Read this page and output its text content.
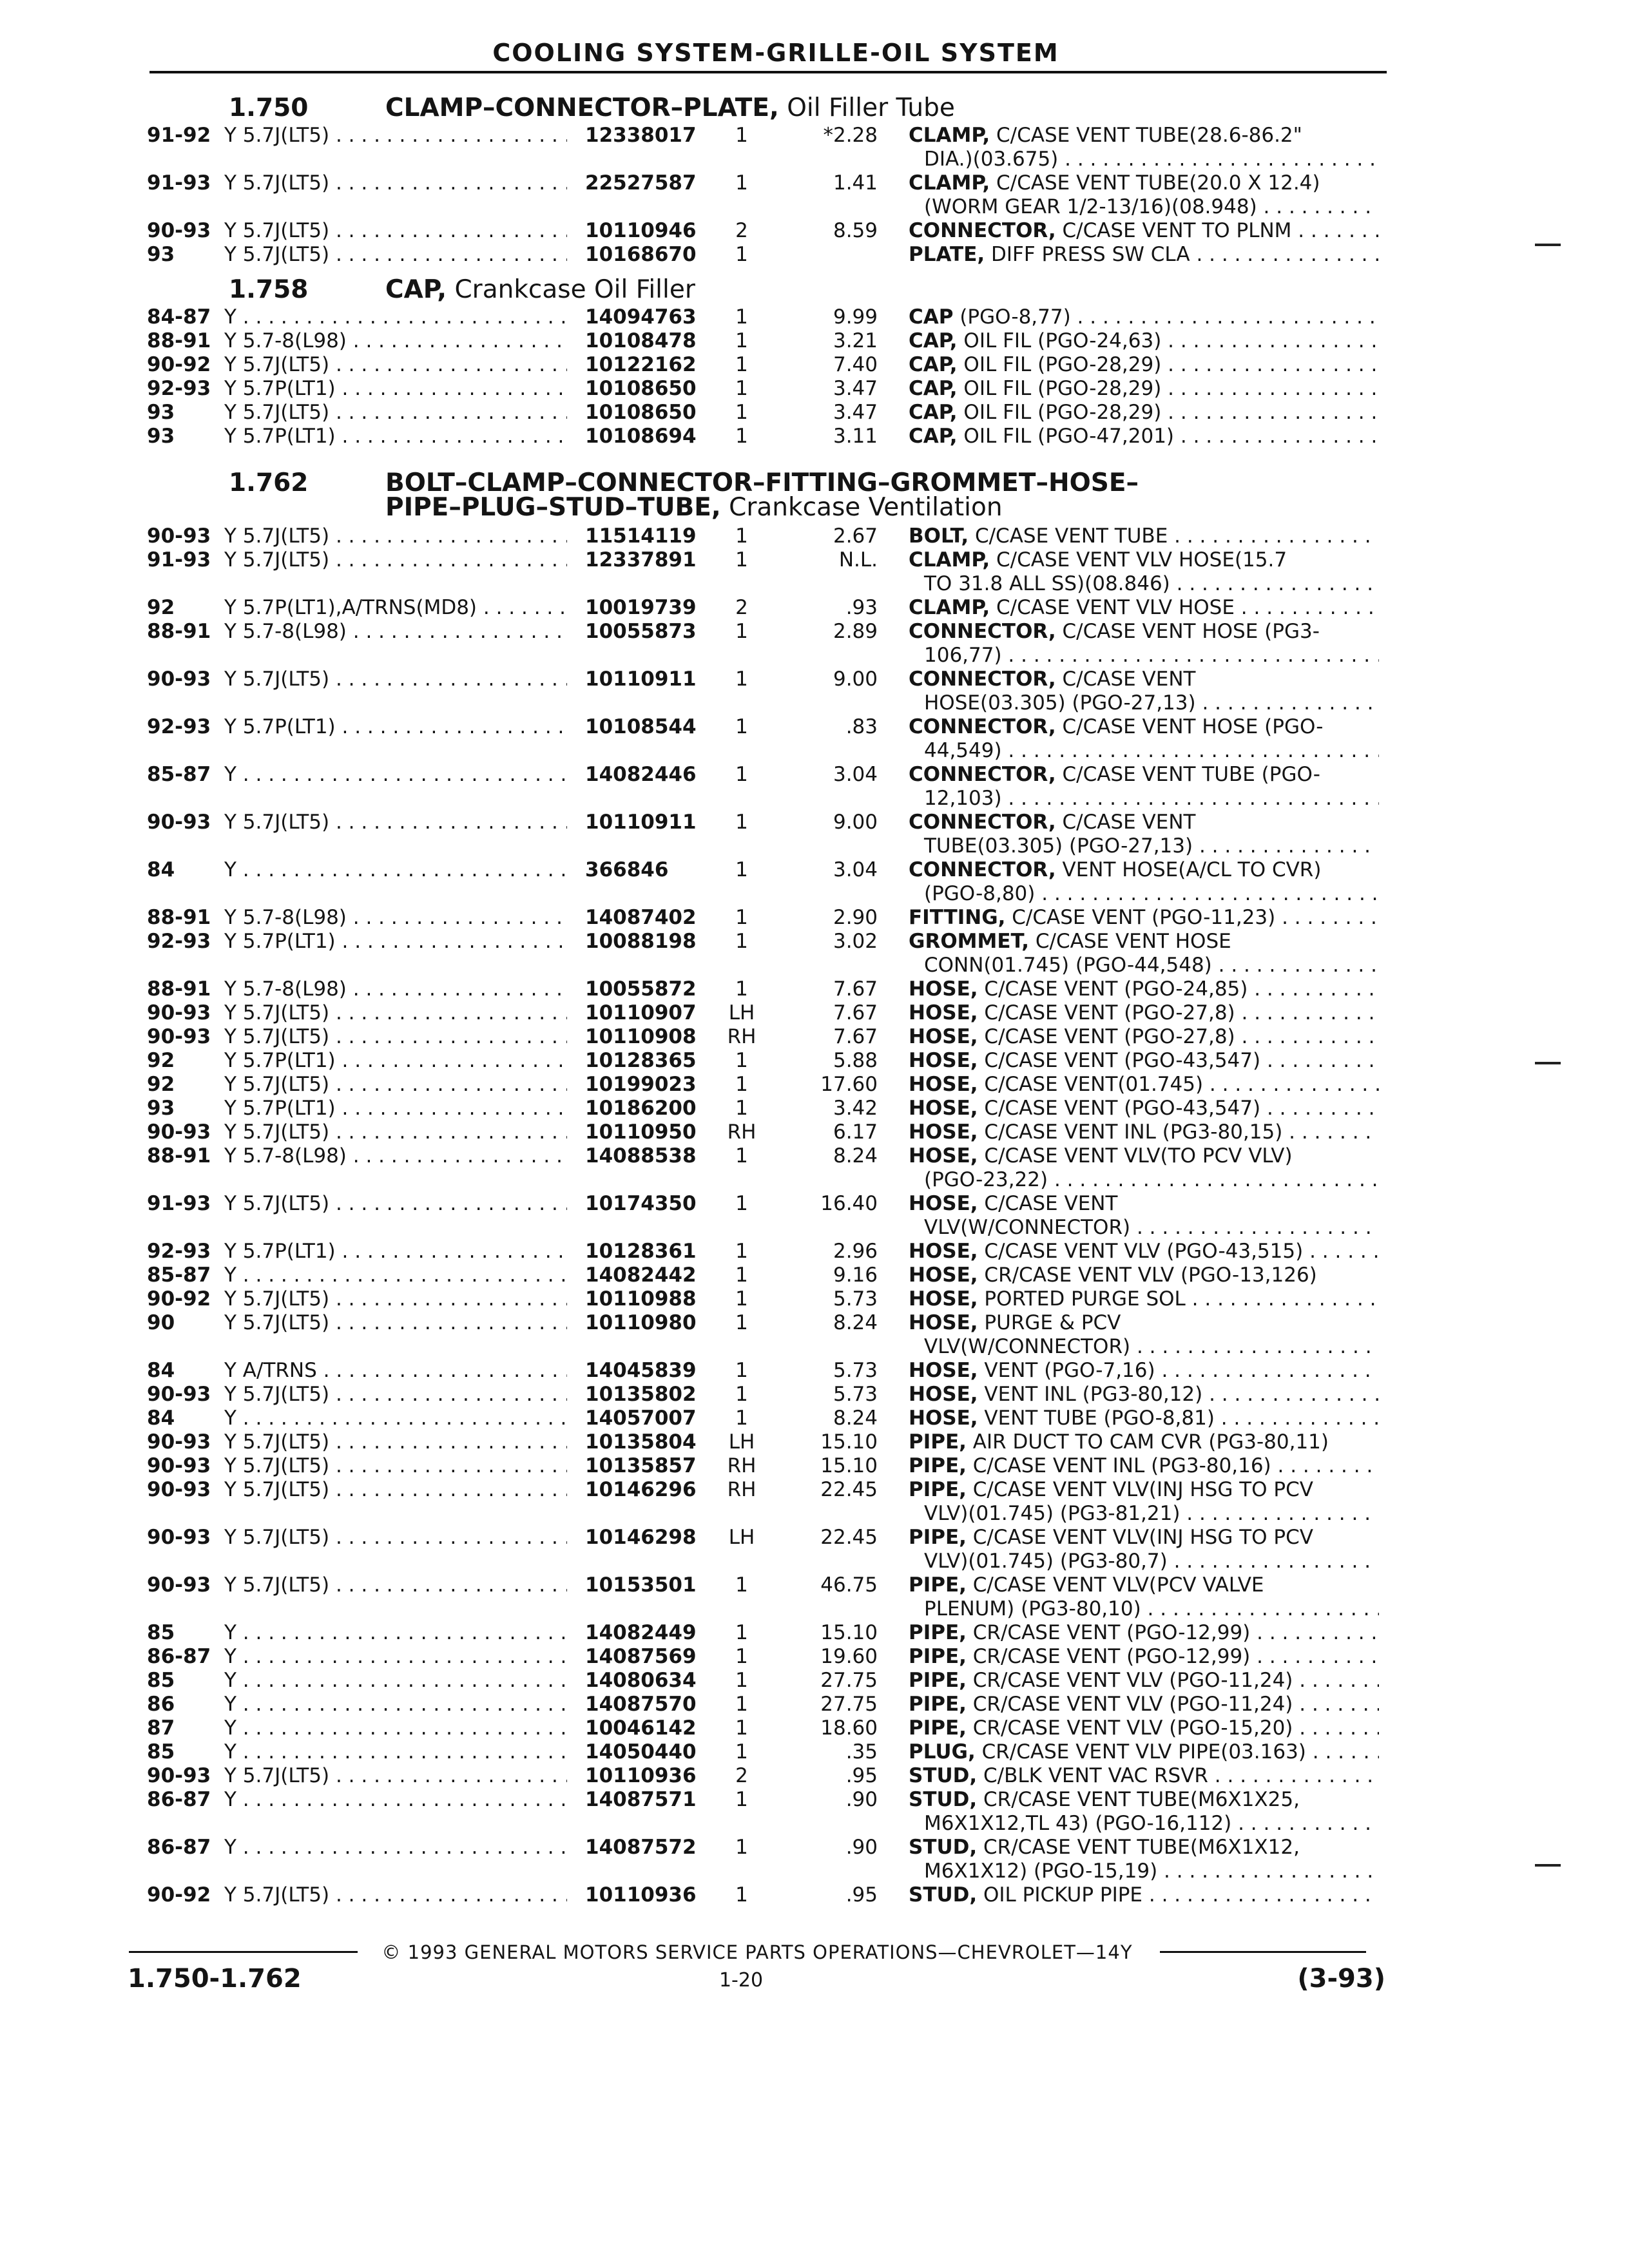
COOLING SYSTEM-GRILLE-OIL SYSTEM
1.750	CLAMP–CONNECTOR–PLATE, Oil Filler Tube
91-92 Y 5.7J(LT5) . . .	12338017	1	*2.28 CLAMP, C/CASE VENT TUBE(28.6-86.2"
DIA.)(03.675) . . .
91-93 Y 5.7J(LT5) . . .	22527587	1	1.41 CLAMP, C/CASE VENT TUBE(20.0 X 12.4)
(WORM GEAR 1/2-13/16)(08.948) . . .
90-93 Y 5.7J(LT5) . . .	10110946	2	8.59 CONNECTOR, C/CASE VENT TO PLNM . . .
93 Y 5.7J(LT5) . . .	10168670	1	PLATE, DIFF PRESS SW CLA . . .
1.758	CAP, Crankcase Oil Filler
84-87 Y . . .	14094763	1	9.99 CAP (PGO-8,77) . . .
88-91 Y 5.7-8(L98) . . .	10108478	1	3.21 CAP, OIL FIL (PGO-24,63) . . .
90-92 Y 5.7J(LT5) . . .	10122162	1	7.40 CAP, OIL FIL (PGO-28,29) . . .
92-93 Y 5.7P(LT1) . . .	10108650	1	3.47 CAP, OIL FIL (PGO-28,29) . . .
93 Y 5.7J(LT5) . . .	10108650	1	3.47 CAP, OIL FIL (PGO-28,29) . . .
93 Y 5.7P(LT1) . . .	10108694	1	3.11 CAP, OIL FIL (PGO-47,201) . . .
1.762	BOLT–CLAMP–CONNECTOR–FITTING–GROMMET–HOSE–
PIPE–PLUG–STUD–TUBE, Crankcase Ventilation
90-93 Y 5.7J(LT5) . . .	11514119	1	2.67 BOLT, C/CASE VENT TUBE . . .
91-93 Y 5.7J(LT5) . . .	12337891	1	N.L. CLAMP, C/CASE VENT VLV HOSE(15.7
TO 31.8 ALL SS)(08.846) . . .
92 Y 5.7P(LT1),A/TRNS(MD8) . . .	10019739	2	.93 CLAMP, C/CASE VENT VLV HOSE . . .
88-91 Y 5.7-8(L98) . . .	10055873	1	2.89 CONNECTOR, C/CASE VENT HOSE (PG3-
106,77) . . .
90-93 Y 5.7J(LT5) . . .	10110911	1	9.00 CONNECTOR, C/CASE VENT
HOSE(03.305) (PGO-27,13) . . .
92-93 Y 5.7P(LT1) . . .	10108544	1	.83 CONNECTOR, C/CASE VENT HOSE (PGO-
44,549) . . .
85-87 Y . . .	14082446	1	3.04 CONNECTOR, C/CASE VENT TUBE (PGO-
12,103) . . .
90-93 Y 5.7J(LT5) . . .	10110911	1	9.00 CONNECTOR, C/CASE VENT
TUBE(03.305) (PGO-27,13) . . .
84 Y . . .	366846	1	3.04 CONNECTOR, VENT HOSE(A/CL TO CVR)
(PGO-8,80) . . .
88-91 Y 5.7-8(L98) . . .	14087402	1	2.90 FITTING, C/CASE VENT (PGO-11,23) . . .
92-93 Y 5.7P(LT1) . . .	10088198	1	3.02 GROMMET, C/CASE VENT HOSE
CONN(01.745) (PGO-44,548) . . .
88-91 Y 5.7-8(L98) . . .	10055872	1	7.67 HOSE, C/CASE VENT (PGO-24,85) . . .
90-93 Y 5.7J(LT5) . . .	10110907	LH	7.67 HOSE, C/CASE VENT (PGO-27,8) . . .
90-93 Y 5.7J(LT5) . . .	10110908	RH	7.67 HOSE, C/CASE VENT (PGO-27,8) . . .
92 Y 5.7P(LT1) . . .	10128365	1	5.88 HOSE, C/CASE VENT (PGO-43,547) . . .
92 Y 5.7J(LT5) . . .	10199023	1	17.60 HOSE, C/CASE VENT(01.745) . . .
93 Y 5.7P(LT1) . . .	10186200	1	3.42 HOSE, C/CASE VENT (PGO-43,547) . . .
90-93 Y 5.7J(LT5) . . .	10110950	RH	6.17 HOSE, C/CASE VENT INL (PG3-80,15) . . .
88-91 Y 5.7-8(L98) . . .	14088538	1	8.24 HOSE, C/CASE VENT VLV(TO PCV VLV)
(PGO-23,22) . . .
91-93 Y 5.7J(LT5) . . .	10174350	1	16.40 HOSE, C/CASE VENT
VLV(W/CONNECTOR) . . .
92-93 Y 5.7P(LT1) . . .	10128361	1	2.96 HOSE, C/CASE VENT VLV (PGO-43,515) . . .
85-87 Y . . .	14082442	1	9.16 HOSE, CR/CASE VENT VLV (PGO-13,126)
90-92 Y 5.7J(LT5) . . .	10110988	1	5.73 HOSE, PORTED PURGE SOL . . .
90 Y 5.7J(LT5) . . .	10110980	1	8.24 HOSE, PURGE & PCV
VLV(W/CONNECTOR) . . .
84 Y A/TRNS . . .	14045839	1	5.73 HOSE, VENT (PGO-7,16) . . .
90-93 Y 5.7J(LT5) . . .	10135802	1	5.73 HOSE, VENT INL (PG3-80,12) . . .
84 Y . . .	14057007	1	8.24 HOSE, VENT TUBE (PGO-8,81) . . .
90-93 Y 5.7J(LT5) . . .	10135804	LH	15.10 PIPE, AIR DUCT TO CAM CVR (PG3-80,11)
90-93 Y 5.7J(LT5) . . .	10135857	RH	15.10 PIPE, C/CASE VENT INL (PG3-80,16) . . .
90-93 Y 5.7J(LT5) . . .	10146296	RH	22.45 PIPE, C/CASE VENT VLV(INJ HSG TO PCV
VLV)(01.745) (PG3-81,21) . . .
90-93 Y 5.7J(LT5) . . .	10146298	LH	22.45 PIPE, C/CASE VENT VLV(INJ HSG TO PCV
VLV)(01.745) (PG3-80,7) . . .
90-93 Y 5.7J(LT5) . . .	10153501	1	46.75 PIPE, C/CASE VENT VLV(PCV VALVE
PLENUM) (PG3-80,10) . . .
85 Y . . .	14082449	1	15.10 PIPE, CR/CASE VENT (PGO-12,99) . . .
86-87 Y . . .	14087569	1	19.60 PIPE, CR/CASE VENT (PGO-12,99) . . .
85 Y . . .	14080634	1	27.75 PIPE, CR/CASE VENT VLV (PGO-11,24) . . .
86 Y . . .	14087570	1	27.75 PIPE, CR/CASE VENT VLV (PGO-11,24) . . .
87 Y . . .	10046142	1	18.60 PIPE, CR/CASE VENT VLV (PGO-15,20) . . .
85 Y . . .	14050440	1	.35 PLUG, CR/CASE VENT VLV PIPE(03.163) . . .
90-93 Y 5.7J(LT5) . . .	10110936	2	.95 STUD, C/BLK VENT VAC RSVR . . .
86-87 Y . . .	14087571	1	.90 STUD, CR/CASE VENT TUBE(M6X1X25,
M6X1X12,TL 43) (PGO-16,112) . . .
86-87 Y . . .	14087572	1	.90 STUD, CR/CASE VENT TUBE(M6X1X12,
M6X1X12) (PGO-15,19) . . .
90-92 Y 5.7J(LT5) . . .	10110936	1	.95 STUD, OIL PICKUP PIPE . . .
© 1993 GENERAL MOTORS SERVICE PARTS OPERATIONS—CHEVROLET—14Y
1.750-1.762	1-20	(3-93)
